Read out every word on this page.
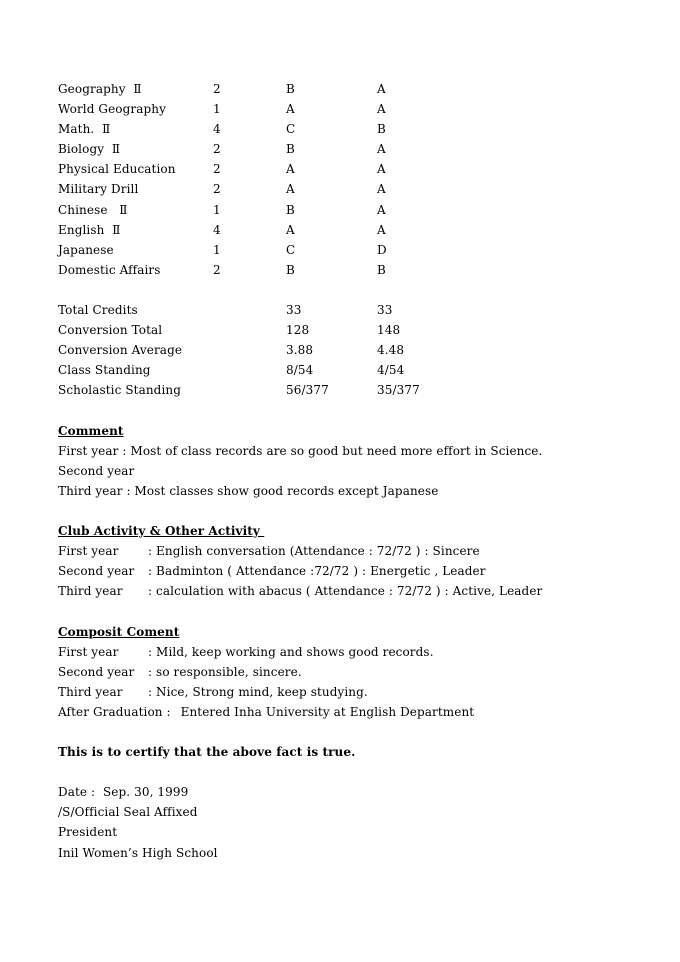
Geography  Ⅱ	2	B	A
World Geography	1	A	A
Math.  Ⅱ	4	C	B
Biology  Ⅱ	2	B	A
Physical Education	2	A	A
Military Drill	2	A	A
Chinese   Ⅱ	1	B	A
English  Ⅱ	4	A	A
Japanese	1	C	D
Domestic Affairs	2	B	B
Total Credits	33	33
Conversion Total	128	148
Conversion Average	3.88	4.48
Class Standing	8/54	4/54
Scholastic Standing	56/377	35/377
Comment
First year : Most of class records are so good but need more effort in Science.
Second year
Third year : Most classes show good records except Japanese
Club Activity & Other Activity
First year : English conversation (Attendance : 72/72 ) : Sincere
Second year : Badminton ( Attendance :72/72 ) : Energetic , Leader
Third year : calculation with abacus ( Attendance : 72/72 ) : Active, Leader
Composit Coment
First year : Mild, keep working and shows good records.
Second year : so responsible, sincere.
Third year : Nice, Strong mind, keep studying.
After Graduation : Entered Inha University at English Department
This is to certify that the above fact is true.
Date :  Sep. 30, 1999
/S/Official Seal Affixed
President
Inil Women’s High School
